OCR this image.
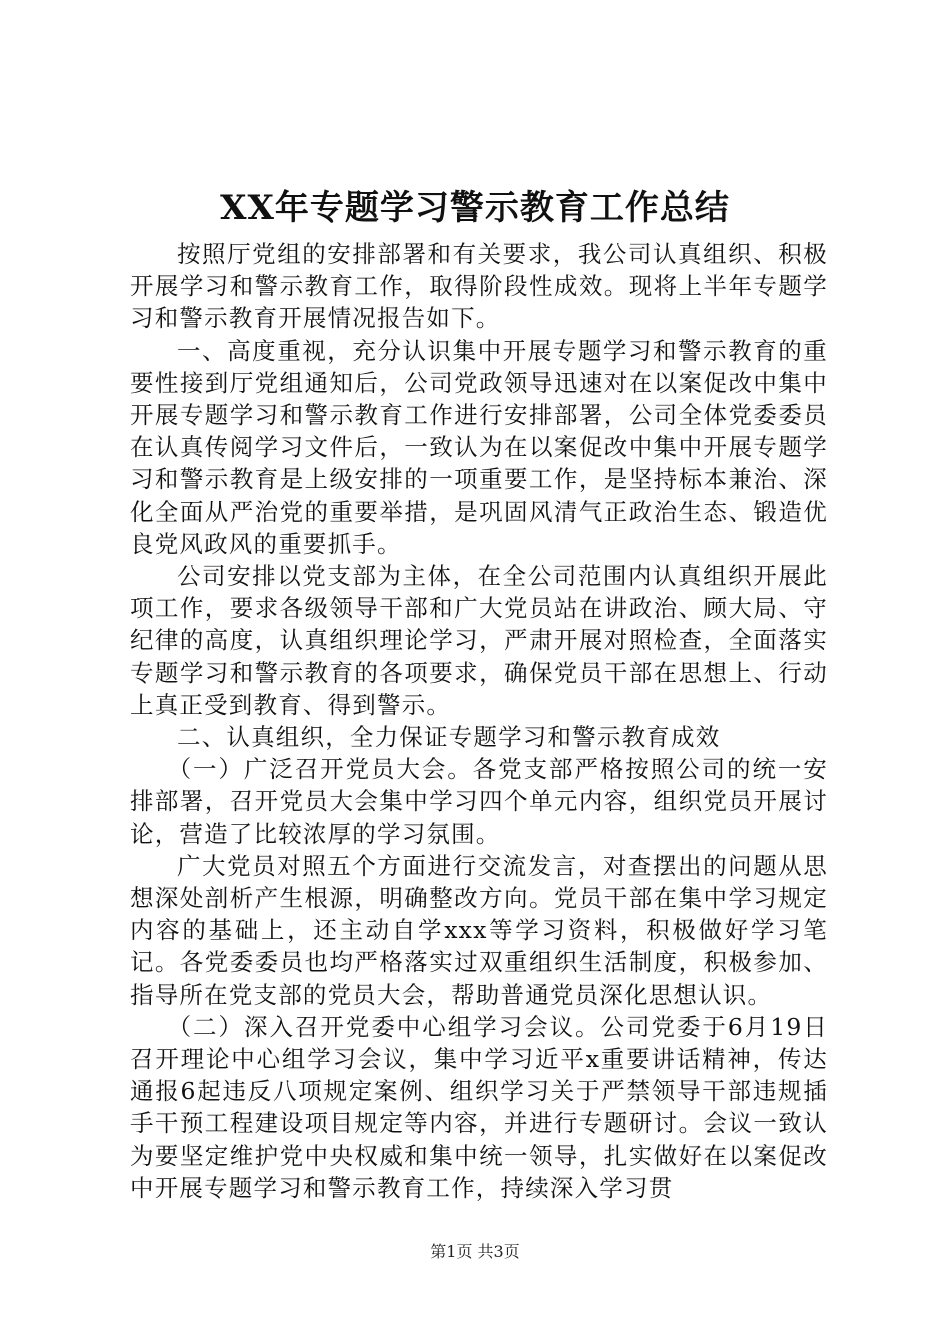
XX年专题学习警示教育工作总结

按照厅党组的安排部署和有关要求，我公司认真组织、积极开展学习和警示教育工作，取得阶段性成效。现将上半年专题学习和警示教育开展情况报告如下。

一、高度重视，充分认识集中开展专题学习和警示教育的重要性接到厅党组通知后，公司党政领导迅速对在以案促改中集中开展专题学习和警示教育工作进行安排部署，公司全体党委委员在认真传阅学习文件后，一致认为在以案促改中集中开展专题学习和警示教育是上级安排的一项重要工作，是坚持标本兼治、深化全面从严治党的重要举措，是巩固风清气正政治生态、锻造优良党风政风的重要抓手。

公司安排以党支部为主体，在全公司范围内认真组织开展此项工作，要求各级领导干部和广大党员站在讲政治、顾大局、守纪律的高度，认真组织理论学习，严肃开展对照检查，全面落实专题学习和警示教育的各项要求，确保党员干部在思想上、行动上真正受到教育、得到警示。

二、认真组织，全力保证专题学习和警示教育成效

（一）广泛召开党员大会。各党支部严格按照公司的统一安排部署，召开党员大会集中学习四个单元内容，组织党员开展讨论，营造了比较浓厚的学习氛围。

广大党员对照五个方面进行交流发言，对查摆出的问题从思想深处剖析产生根源，明确整改方向。党员干部在集中学习规定内容的基础上，还主动自学xxx等学习资料，积极做好学习笔记。各党委委员也均严格落实过双重组织生活制度，积极参加、指导所在党支部的党员大会，帮助普通党员深化思想认识。

（二）深入召开党委中心组学习会议。公司党委于6月19日召开理论中心组学习会议，集中学习近平x重要讲话精神，传达通报6起违反八项规定案例、组织学习关于严禁领导干部违规插手干预工程建设项目规定等内容，并进行专题研讨。会议一致认为要坚定维护党中央权威和集中统一领导，扎实做好在以案促改中开展专题学习和警示教育工作，持续深入学习贯

第1页 共3页
